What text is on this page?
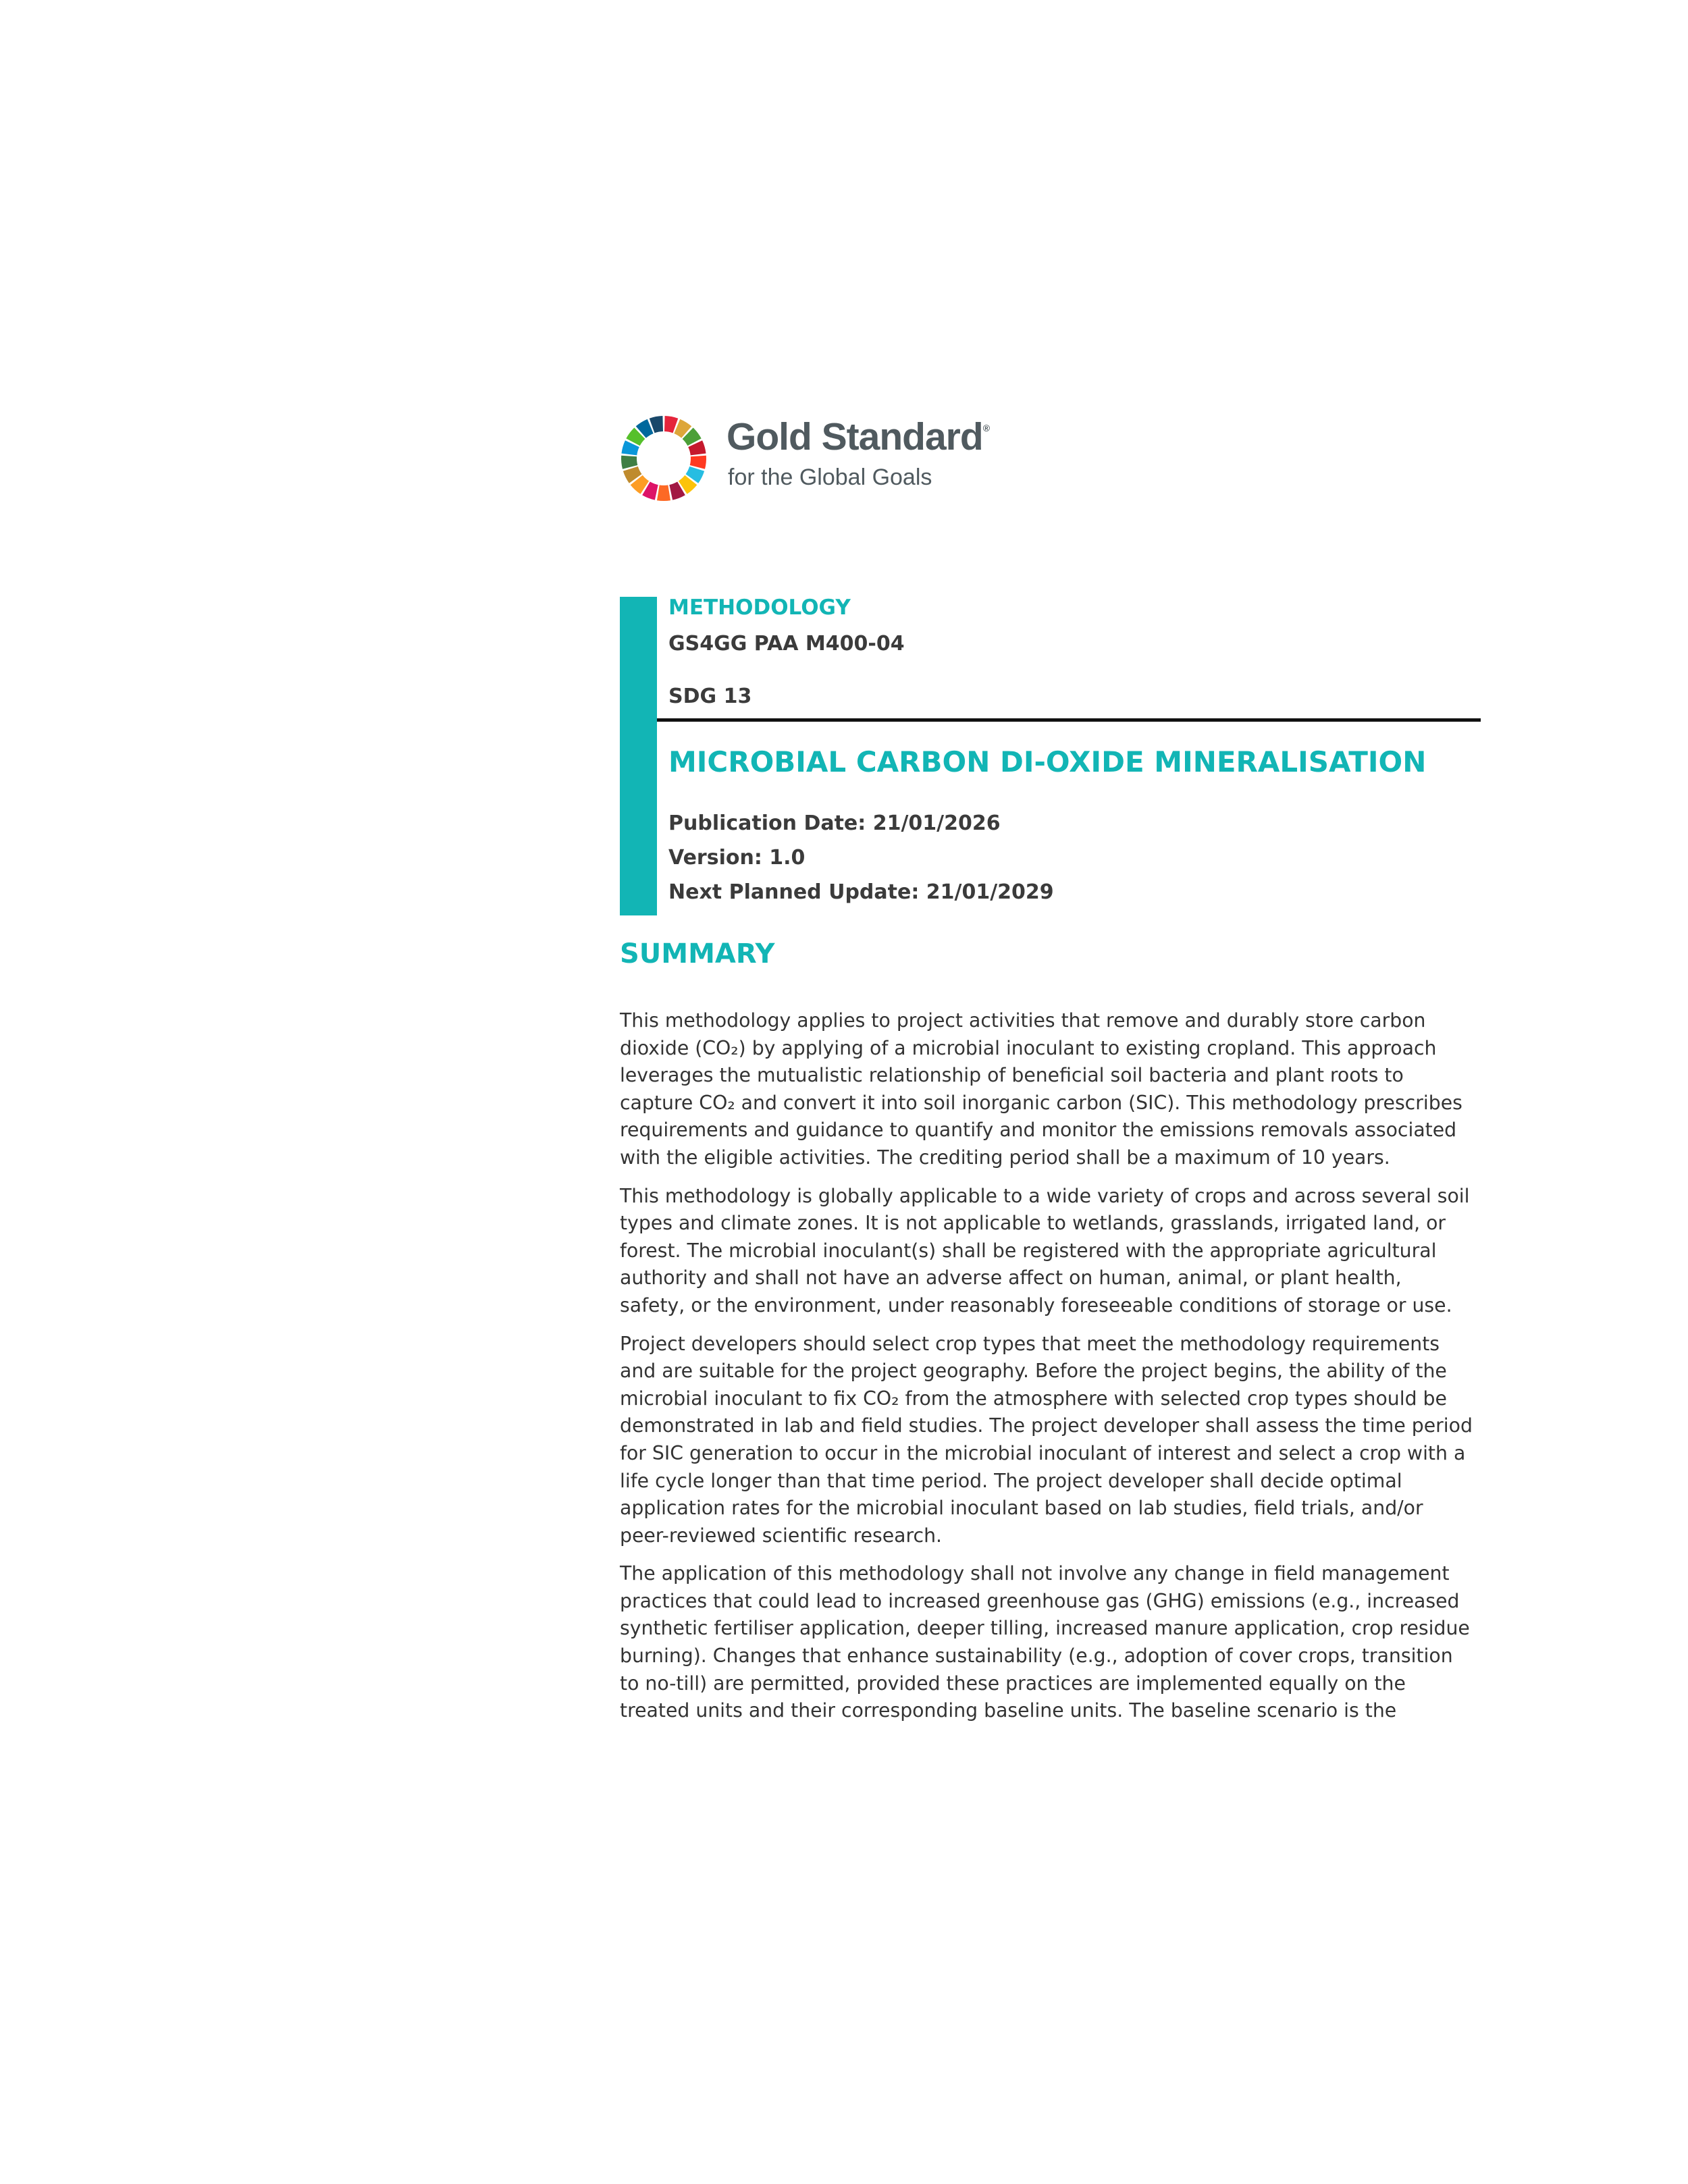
Gold Standard®
for the Global Goals
METHODOLOGY
GS4GG PAA M400-04
SDG 13
MICROBIAL CARBON DI-OXIDE MINERALISATION
Publication Date: 21/01/2026
Version: 1.0
Next Planned Update: 21/01/2029
SUMMARY

This methodology applies to project activities that remove and durably store carbon
dioxide (CO₂) by applying of a microbial inoculant to existing cropland. This approach
leverages the mutualistic relationship of beneficial soil bacteria and plant roots to
capture CO₂ and convert it into soil inorganic carbon (SIC). This methodology prescribes
requirements and guidance to quantify and monitor the emissions removals associated
with the eligible activities. The crediting period shall be a maximum of 10 years.

This methodology is globally applicable to a wide variety of crops and across several soil
types and climate zones. It is not applicable to wetlands, grasslands, irrigated land, or
forest. The microbial inoculant(s) shall be registered with the appropriate agricultural
authority and shall not have an adverse affect on human, animal, or plant health,
safety, or the environment, under reasonably foreseeable conditions of storage or use.

Project developers should select crop types that meet the methodology requirements
and are suitable for the project geography. Before the project begins, the ability of the
microbial inoculant to fix CO₂ from the atmosphere with selected crop types should be
demonstrated in lab and field studies. The project developer shall assess the time period
for SIC generation to occur in the microbial inoculant of interest and select a crop with a
life cycle longer than that time period. The project developer shall decide optimal
application rates for the microbial inoculant based on lab studies, field trials, and/or
peer-reviewed scientific research.

The application of this methodology shall not involve any change in field management
practices that could lead to increased greenhouse gas (GHG) emissions (e.g., increased
synthetic fertiliser application, deeper tilling, increased manure application, crop residue
burning). Changes that enhance sustainability (e.g., adoption of cover crops, transition
to no-till) are permitted, provided these practices are implemented equally on the
treated units and their corresponding baseline units. The baseline scenario is the
